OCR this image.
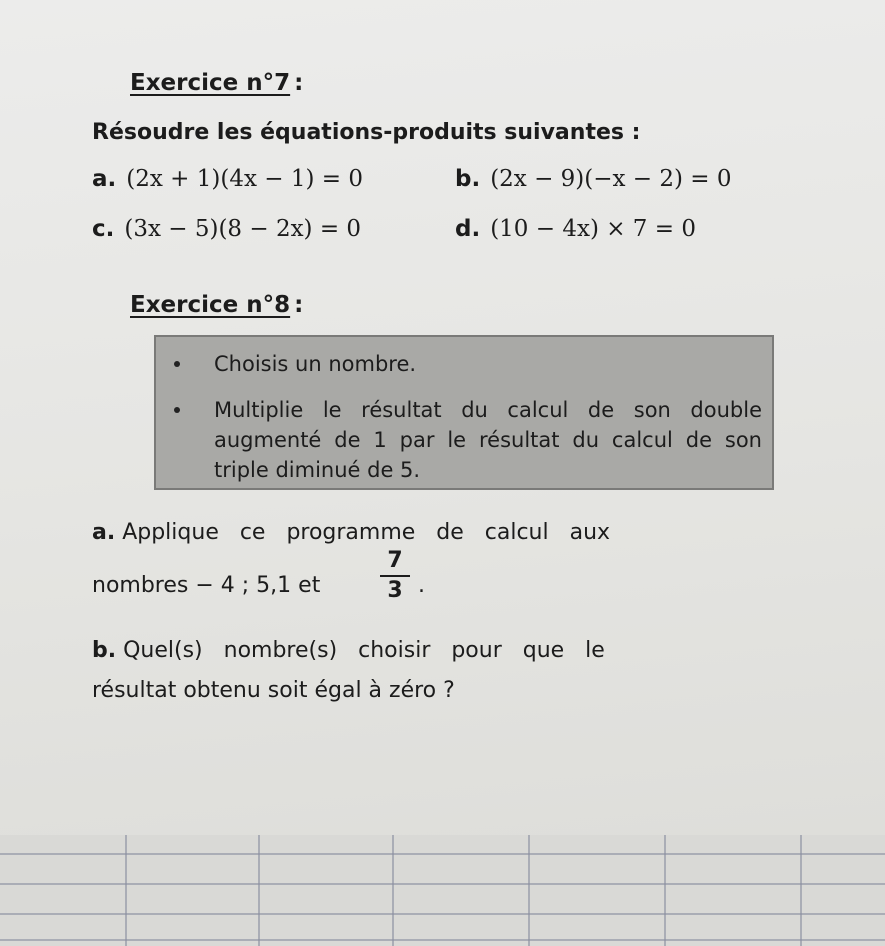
Exercice n°7 :
Résoudre les équations-produits suivantes :
a. (2x + 1)(4x − 1) = 0	b. (2x − 9)(−x − 2) = 0
c. (3x − 5)(8 − 2x) = 0	d. (10 − 4x) × 7 = 0
Exercice n°8 :
Choisis un nombre.
Multiplie le résultat du calcul de son double augmenté de 1 par le résultat du calcul de son triple diminué de 5.
a. Applique   ce   programme   de   calcul   aux
nombres − 4 ; 5,1 et
7
3 .
b. Quel(s)   nombre(s)   choisir   pour   que   le
résultat obtenu soit égal à zéro ?
